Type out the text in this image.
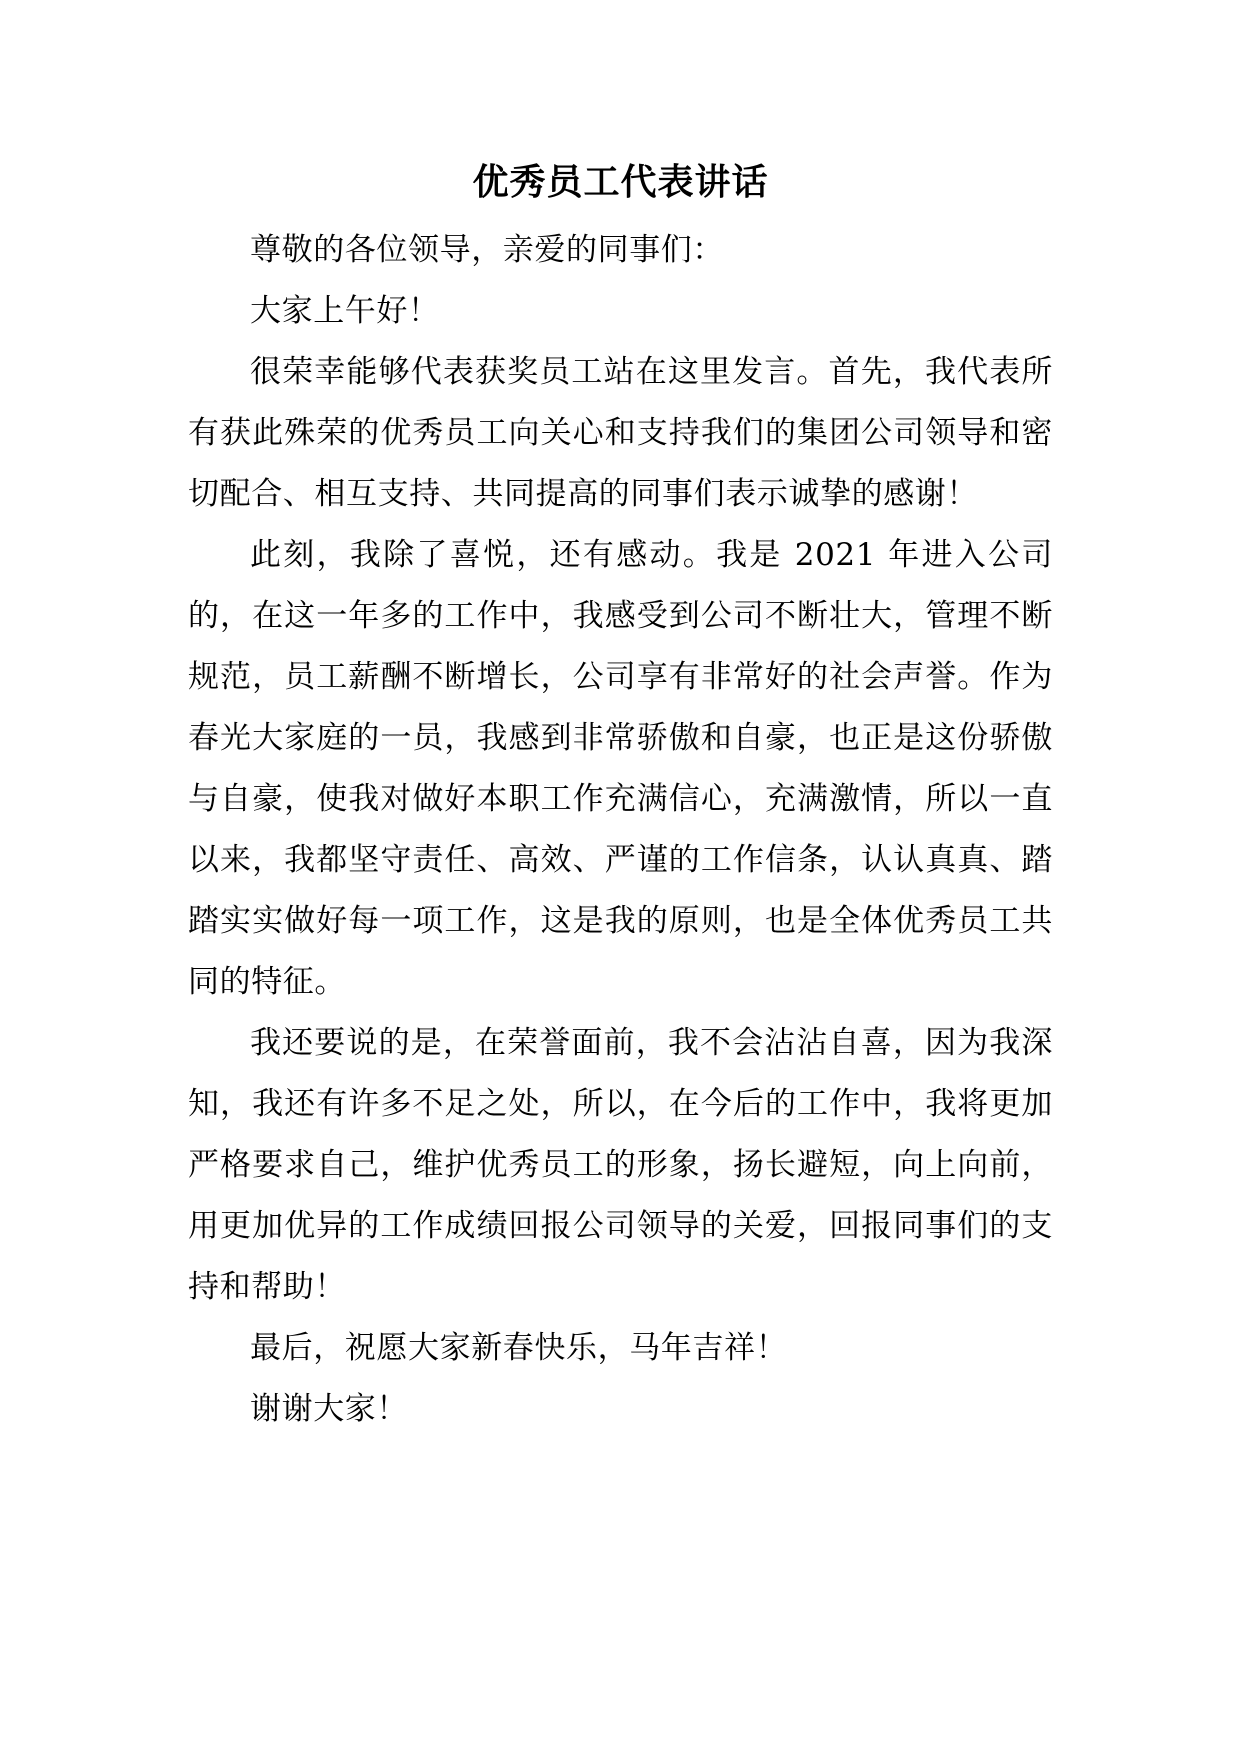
优秀员工代表讲话

尊敬的各位领导，亲爱的同事们：

大家上午好！

很荣幸能够代表获奖员工站在这里发言。首先，我代表所有获此殊荣的优秀员工向关心和支持我们的集团公司领导和密切配合、相互支持、共同提高的同事们表示诚挚的感谢！

此刻，我除了喜悦，还有感动。我是 2021 年进入公司的，在这一年多的工作中，我感受到公司不断壮大，管理不断规范，员工薪酬不断增长，公司享有非常好的社会声誉。作为春光大家庭的一员，我感到非常骄傲和自豪，也正是这份骄傲与自豪，使我对做好本职工作充满信心，充满激情，所以一直以来，我都坚守责任、高效、严谨的工作信条，认认真真、踏踏实实做好每一项工作，这是我的原则，也是全体优秀员工共同的特征。

我还要说的是，在荣誉面前，我不会沾沾自喜，因为我深知，我还有许多不足之处，所以，在今后的工作中，我将更加严格要求自己，维护优秀员工的形象，扬长避短，向上向前，用更加优异的工作成绩回报公司领导的关爱，回报同事们的支持和帮助！

最后，祝愿大家新春快乐，马年吉祥！

谢谢大家！
